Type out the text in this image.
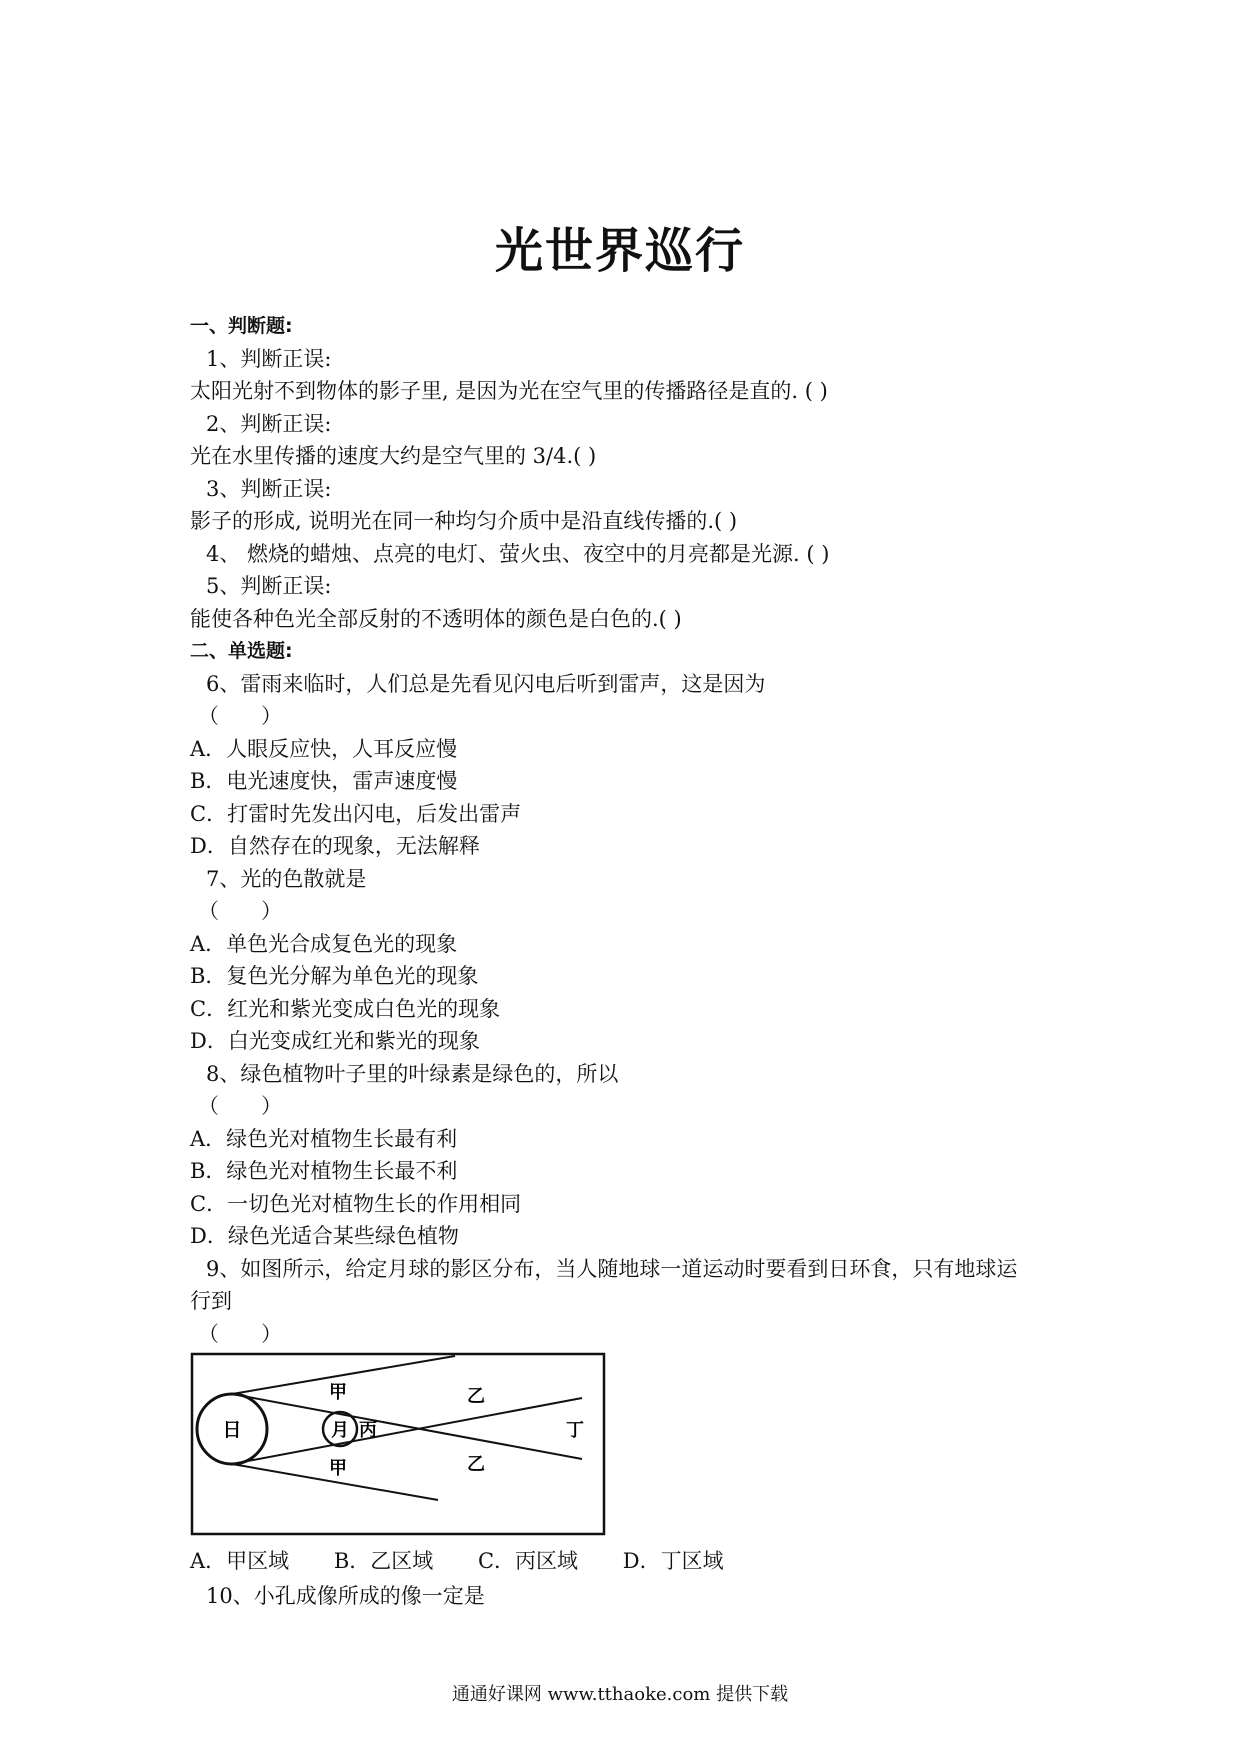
光世界巡行
一、判断题:
1、判断正误:
太阳光射不到物体的影子里, 是因为光在空气里的传播路径是直的. ( )
2、判断正误:
光在水里传播的速度大约是空气里的 3/4.( )
3、判断正误:
影子的形成, 说明光在同一种均匀介质中是沿直线传播的.( )
4、 燃烧的蜡烛、点亮的电灯、萤火虫、夜空中的月亮都是光源. ( )
5、判断正误:
能使各种色光全部反射的不透明体的颜色是白色的.( )
二、单选题:
6、雷雨来临时，人们总是先看见闪电后听到雷声，这是因为
（　　）
A．人眼反应快，人耳反应慢
B．电光速度快，雷声速度慢
C．打雷时先发出闪电，后发出雷声
D．自然存在的现象，无法解释
7、光的色散就是
（　　）
A．单色光合成复色光的现象
B．复色光分解为单色光的现象
C．红光和紫光变成白色光的现象
D．白光变成红光和紫光的现象
8、绿色植物叶子里的叶绿素是绿色的，所以
（　　）
A．绿色光对植物生长最有利
B．绿色光对植物生长最不利
C．一切色光对植物生长的作用相同
D．绿色光适合某些绿色植物
9、如图所示，给定月球的影区分布，当人随地球一道运动时要看到日环食，只有地球运
行到
（　　）
日	月 丙
甲
甲
乙
乙
丁
A．甲区域 B．乙区域 C．丙区域 D．丁区域
10、小孔成像所成的像一定是
通通好课网 www.tthaoke.com 提供下载
